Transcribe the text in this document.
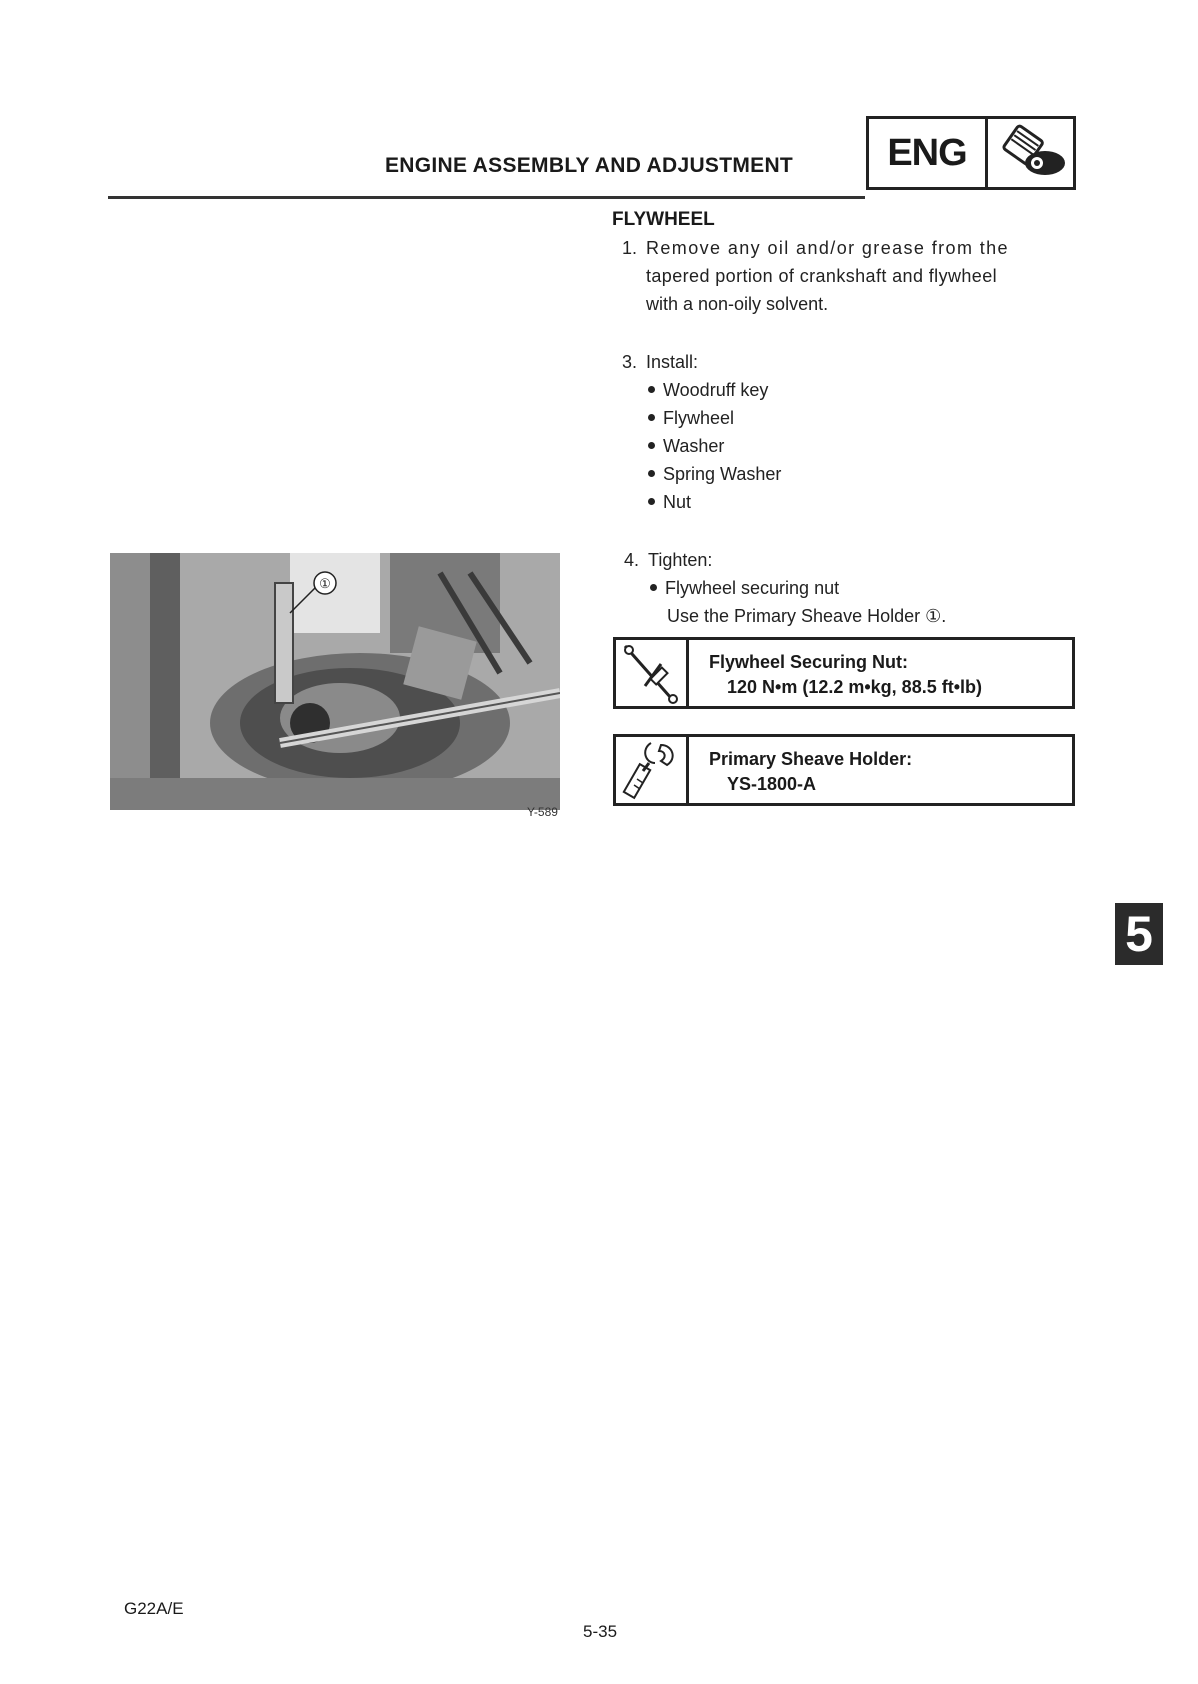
ENGINE ASSEMBLY AND ADJUSTMENT	ENG
FLYWHEEL
1. Remove any oil and/or grease from the
tapered portion of crankshaft and flywheel
with a non-oily solvent.
3. Install:
Woodruff key
Flywheel
Washer
Spring Washer
Nut
4. Tighten:
Flywheel securing nut
Use the Primary Sheave Holder ①.
Flywheel Securing Nut:
120 N•m (12.2 m•kg, 88.5 ft•lb)
Primary Sheave Holder:
YS-1800-A
①
Y-589
5
G22A/E
5-35
